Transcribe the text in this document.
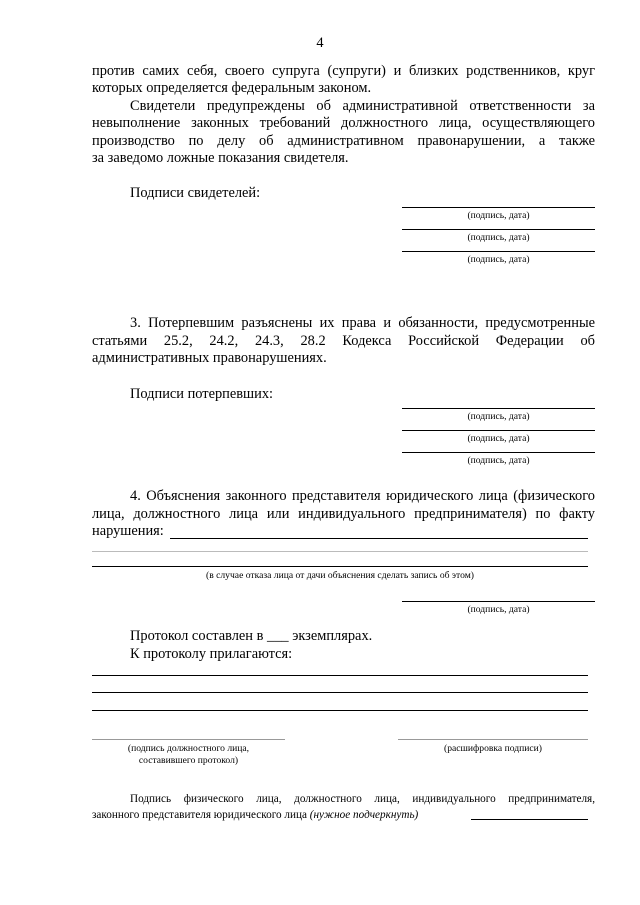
4
против самих себя, своего супруга (супруги) и близких родственников, круг
которых определяется федеральным законом.
Свидетели предупреждены об административной ответственности за
невыполнение законных требований должностного лица, осуществляющего
производство по делу об административном правонарушении, а также
за заведомо ложные показания свидетеля.
Подписи свидетелей:
(подпись, дата)
(подпись, дата)
(подпись, дата)
3. Потерпевшим разъяснены их права и обязанности, предусмотренные
статьями 25.2, 24.2, 24.3, 28.2 Кодекса Российской Федерации об
административных правонарушениях.
Подписи потерпевших:
(подпись, дата)
(подпись, дата)
(подпись, дата)
4. Объяснения законного представителя юридического лица (физического
лица, должностного лица или индивидуального предпринимателя) по факту
нарушения:
(в случае отказа лица от дачи объяснения сделать запись об этом)
(подпись, дата)
Протокол составлен в ___ экземплярах.
К протоколу прилагаются:
(подпись должностного лица,
составившего протокол)
(расшифровка подписи)
Подпись физического лица, должностного лица, индивидуального предпринимателя,
законного представителя юридического лица (нужное подчеркнуть)
